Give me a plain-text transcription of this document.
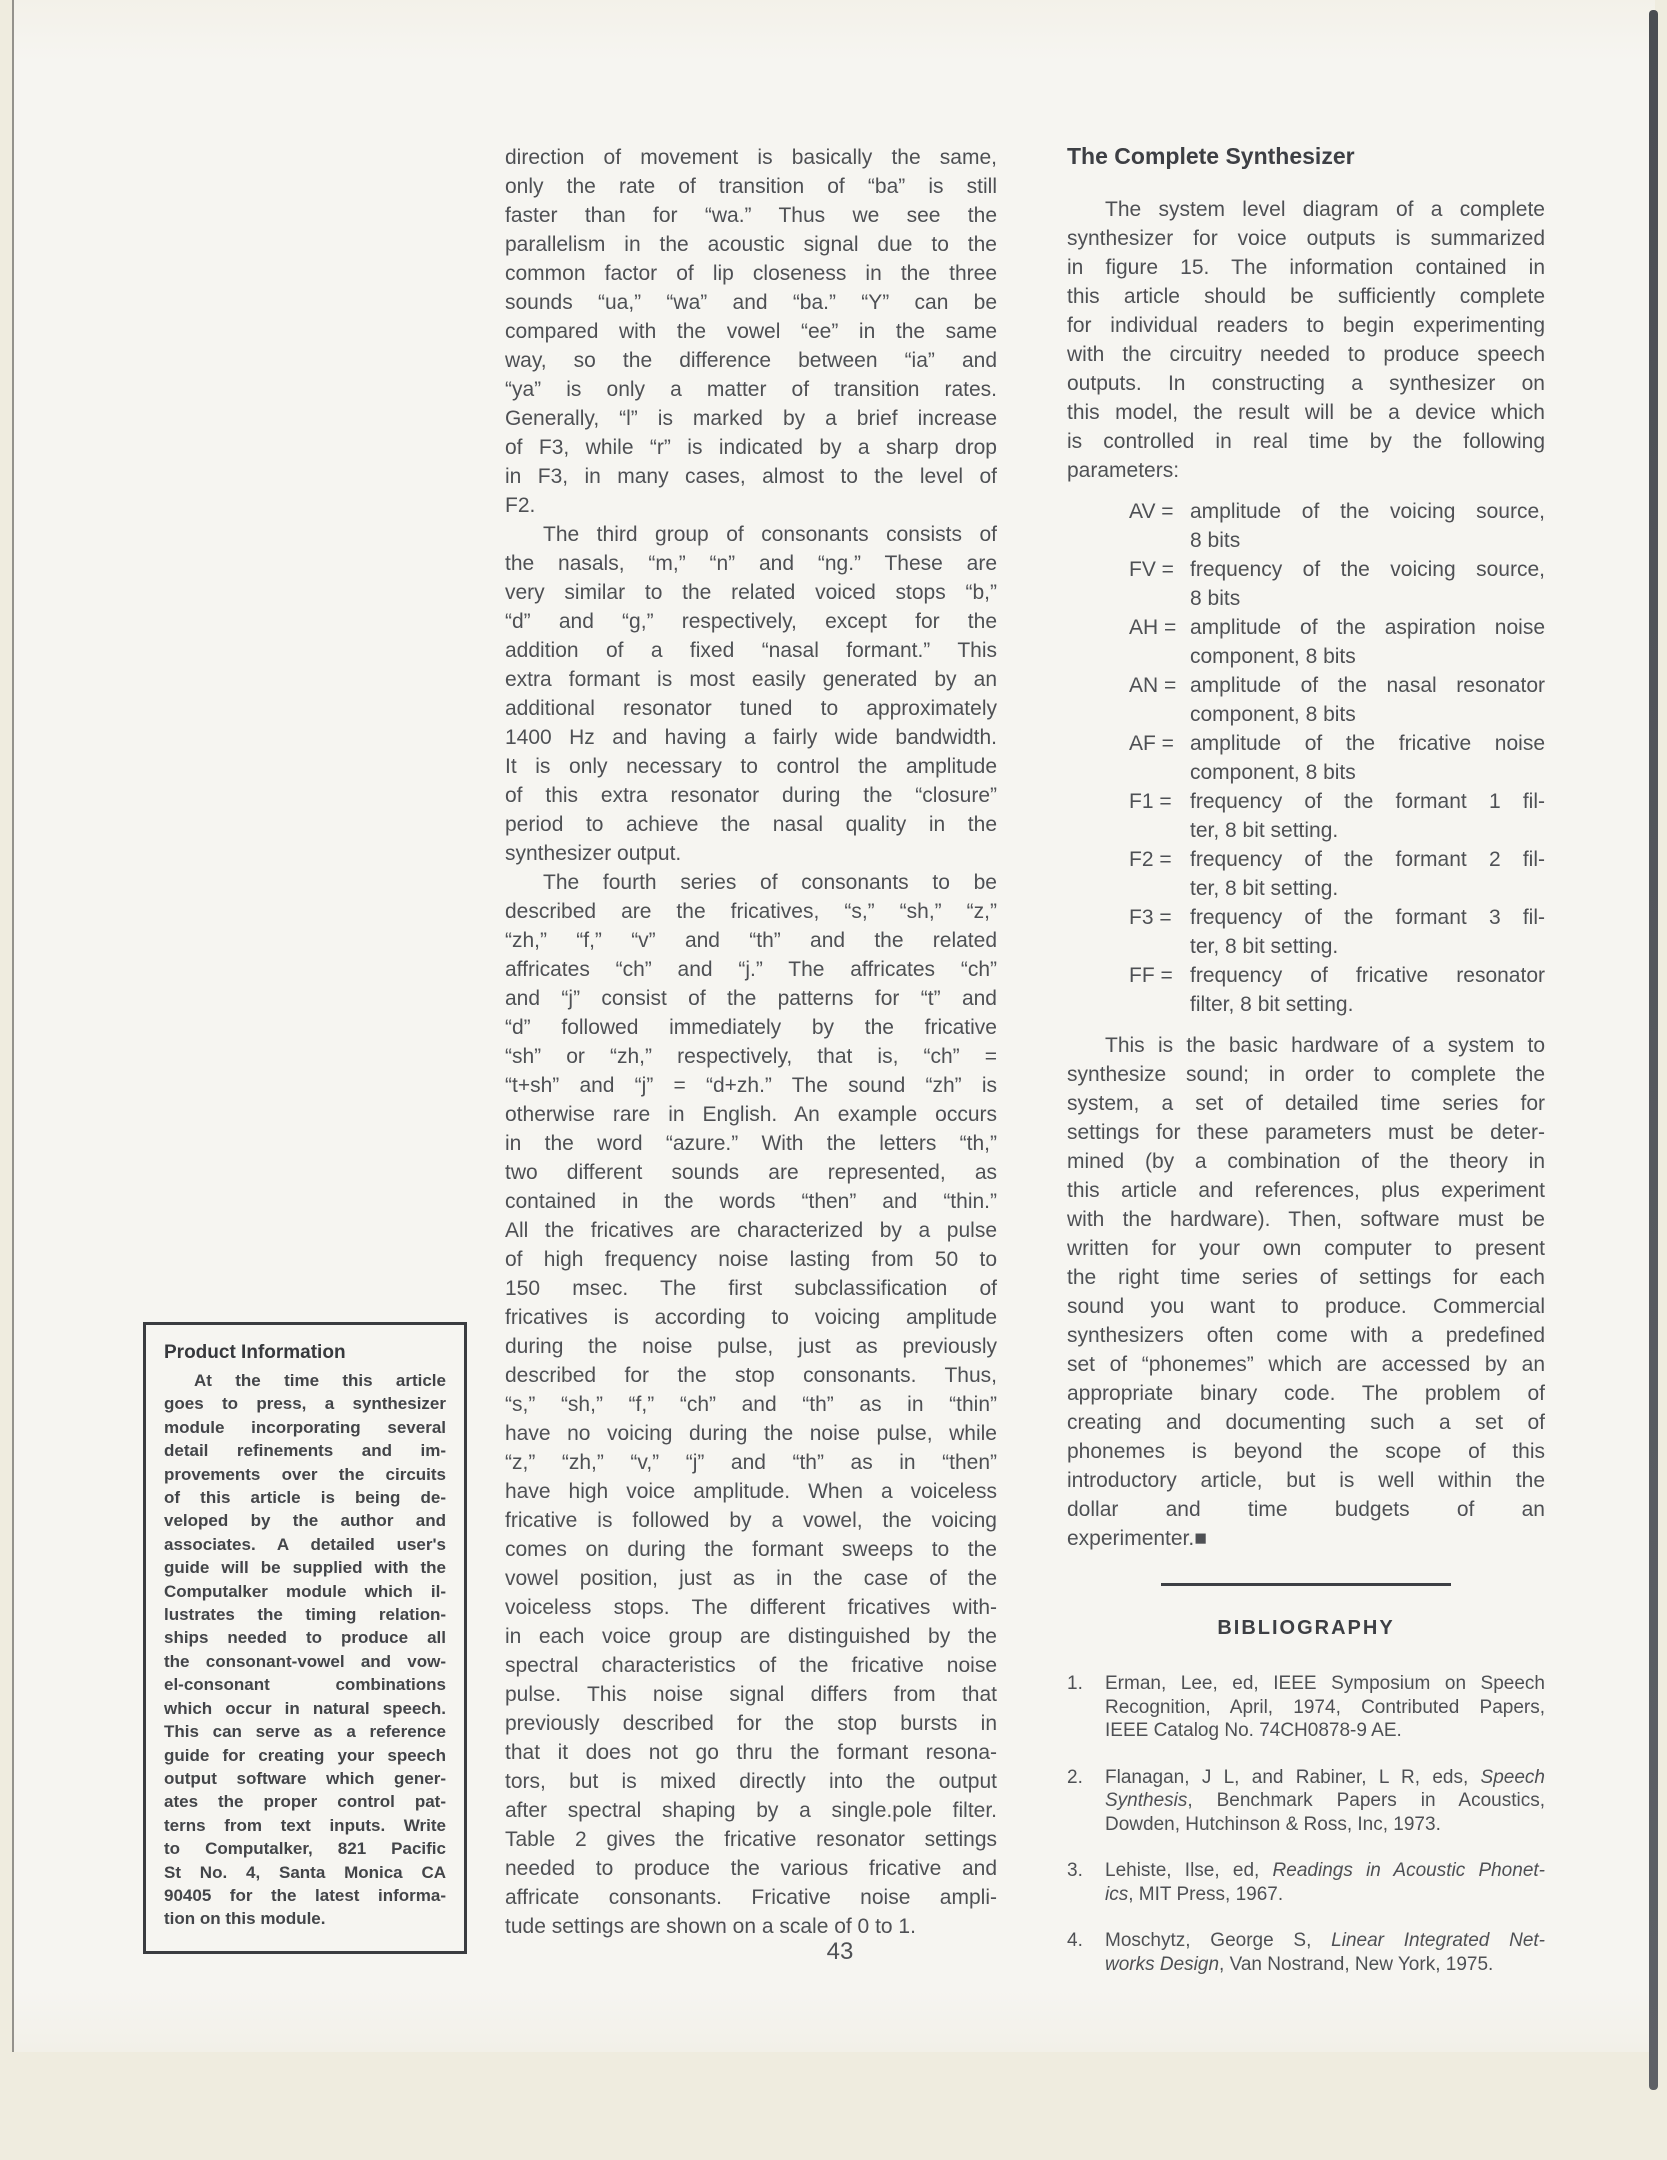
direction of movement is basically the same,
only the rate of transition of “ba” is still
faster than for “wa.” Thus we see the
parallelism in the acoustic signal due to the
common factor of lip closeness in the three
sounds “ua,” “wa” and “ba.” “Y” can be
compared with the vowel “ee” in the same
way, so the difference between “ia” and
“ya” is only a matter of transition rates.
Generally, “l” is marked by a brief increase
of F3, while “r” is indicated by a sharp drop
in F3, in many cases, almost to the level of
F2.
The third group of consonants consists of
the nasals, “m,” “n” and “ng.” These are
very similar to the related voiced stops “b,”
“d” and “g,” respectively, except for the
addition of a fixed “nasal formant.” This
extra formant is most easily generated by an
additional resonator tuned to approximately
1400 Hz and having a fairly wide bandwidth.
It is only necessary to control the amplitude
of this extra resonator during the “closure”
period to achieve the nasal quality in the
synthesizer output.
The fourth series of consonants to be
described are the fricatives, “s,” “sh,” “z,”
“zh,” “f,” “v” and “th” and the related
affricates “ch” and “j.” The affricates “ch”
and “j” consist of the patterns for “t” and
“d” followed immediately by the fricative
“sh” or “zh,” respectively, that is, “ch” =
“t+sh” and “j” = “d+zh.” The sound “zh” is
otherwise rare in English. An example occurs
in the word “azure.” With the letters “th,”
two different sounds are represented, as
contained in the words “then” and “thin.”
All the fricatives are characterized by a pulse
of high frequency noise lasting from 50 to
150 msec. The first subclassification of
fricatives is according to voicing amplitude
during the noise pulse, just as previously
described for the stop consonants. Thus,
“s,” “sh,” “f,” “ch” and “th” as in “thin”
have no voicing during the noise pulse, while
“z,” “zh,” “v,” “j” and “th” as in “then”
have high voice amplitude. When a voiceless
fricative is followed by a vowel, the voicing
comes on during the formant sweeps to the
vowel position, just as in the case of the
voiceless stops. The different fricatives with-
in each voice group are distinguished by the
spectral characteristics of the fricative noise
pulse. This noise signal differs from that
previously described for the stop bursts in
that it does not go thru the formant resona-
tors, but is mixed directly into the output
after spectral shaping by a single.pole filter.
Table 2 gives the fricative resonator settings
needed to produce the various fricative and
affricate consonants. Fricative noise ampli-
tude settings are shown on a scale of 0 to 1.
The Complete Synthesizer
The system level diagram of a complete
synthesizer for voice outputs is summarized
in figure 15. The information contained in
this article should be sufficiently complete
for individual readers to begin experimenting
with the circuitry needed to produce speech
outputs. In constructing a synthesizer on
this model, the result will be a device which
is controlled in real time by the following
parameters:
AV = amplitude of the voicing source,
8 bits
FV = frequency of the voicing source,
8 bits
AH = amplitude of the aspiration noise
component, 8 bits
AN = amplitude of the nasal resonator
component, 8 bits
AF = amplitude of the fricative noise
component, 8 bits
F1 = frequency of the formant 1 fil-
ter, 8 bit setting.
F2 = frequency of the formant 2 fil-
ter, 8 bit setting.
F3 = frequency of the formant 3 fil-
ter, 8 bit setting.
FF = frequency of fricative resonator
filter, 8 bit setting.
This is the basic hardware of a system to
synthesize sound; in order to complete the
system, a set of detailed time series for
settings for these parameters must be deter-
mined (by a combination of the theory in
this article and references, plus experiment
with the hardware). Then, software must be
written for your own computer to present
the right time series of settings for each
sound you want to produce. Commercial
synthesizers often come with a predefined
set of “phonemes” which are accessed by an
appropriate binary code. The problem of
creating and documenting such a set of
phonemes is beyond the scope of this
introductory article, but is well within the
dollar and time budgets of an
experimenter.■
BIBLIOGRAPHY
1.	Erman, Lee, ed, IEEE Symposium on Speech
Recognition, April, 1974, Contributed Papers,
IEEE Catalog No. 74CH0878-9 AE.
2.	Flanagan, J L, and Rabiner, L R, eds, Speech
Synthesis, Benchmark Papers in Acoustics,
Dowden, Hutchinson & Ross, Inc, 1973.
3.	Lehiste, Ilse, ed, Readings in Acoustic Phonet-
ics, MIT Press, 1967.
4.	Moschytz, George S, Linear Integrated Net-
works Design, Van Nostrand, New York, 1975.
Product Information
At the time this article
goes to press, a synthesizer
module incorporating several
detail refinements and im-
provements over the circuits
of this article is being de-
veloped by the author and
associates. A detailed user's
guide will be supplied with the
Computalker module which il-
lustrates the timing relation-
ships needed to produce all
the consonant-vowel and vow-
el-consonant combinations
which occur in natural speech.
This can serve as a reference
guide for creating your speech
output software which gener-
ates the proper control pat-
terns from text inputs. Write
to Computalker, 821 Pacific
St No. 4, Santa Monica CA
90405 for the latest informa-
tion on this module.
43
